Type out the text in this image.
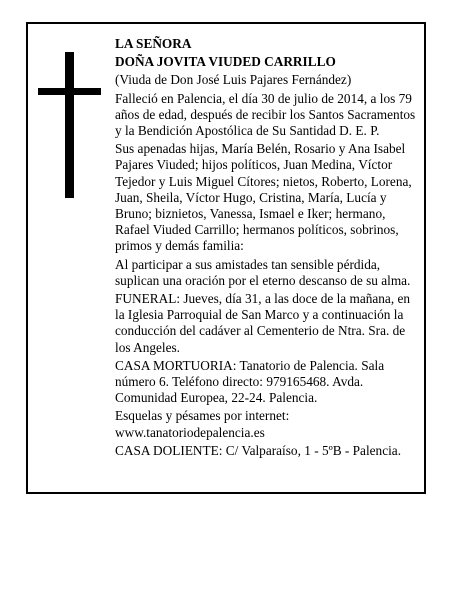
LA SEÑORA

DOÑA JOVITA VIUDED CARRILLO

(Viuda de Don José Luis Pajares Fernández)

Falleció en Palencia, el día 30 de julio de 2014, a los 79 años de edad, después de recibir los Santos Sacramentos y la Bendición Apostólica de Su Santidad D. E. P.

Sus apenadas hijas, María Belén, Rosario y Ana Isabel Pajares Viuded; hijos políticos, Juan Medina, Víctor Tejedor y Luis Miguel Cítores; nietos, Roberto, Lorena, Juan, Sheila, Víctor Hugo, Cristina, María, Lucía y Bruno; biznietos, Vanessa, Ismael e Iker; hermano, Rafael Viuded Carrillo; hermanos políticos, sobrinos, primos y demás familia:

Al participar a sus amistades tan sensible pérdida, suplican una oración por el eterno descanso de su alma.

FUNERAL: Jueves, día 31, a las doce de la mañana, en la Iglesia Parroquial de San Marco y a continuación la conducción del cadáver al Cementerio de Ntra. Sra. de los Angeles.

CASA MORTUORIA: Tanatorio de Palencia. Sala número 6. Teléfono directo: 979165468. Avda. Comunidad Europea, 22-24. Palencia.

Esquelas y pésames por internet:

www.tanatoriodepalencia.es

CASA DOLIENTE: C/ Valparaíso, 1 - 5ºB - Palencia.
